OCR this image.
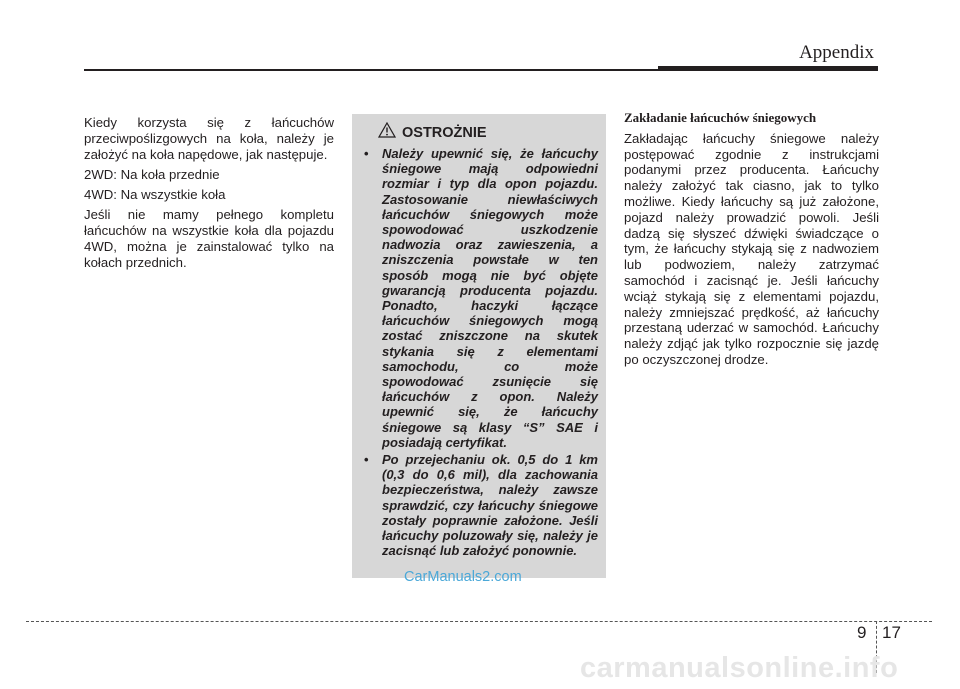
Appendix

Kiedy korzysta się z łańcuchów przeciwpoślizgowych na koła, należy je założyć na koła napędowe, jak następuje.

2WD: Na koła przednie

4WD: Na wszystkie koła

Jeśli nie mamy pełnego kompletu łańcuchów na wszystkie koła dla pojazdu 4WD, można je zainstalować tylko na kołach przednich.

OSTROŻNIE
• Należy upewnić się, że łańcuchy śniegowe mają odpowiedni rozmiar i typ dla opon pojazdu. Zastosowanie niewłaściwych łańcuchów śniegowych może spowodować uszkodzenie nadwozia oraz zawieszenia, a zniszczenia powstałe w ten sposób mogą nie być objęte gwarancją producenta pojazdu. Ponadto, haczyki łączące łańcuchów śniegowych mogą zostać zniszczone na skutek stykania się z elementami samochodu, co może spowodować zsunięcie się łańcuchów z opon. Należy upewnić się, że łańcuchy śniegowe są klasy “S” SAE i posiadają certyfikat.
• Po przejechaniu ok. 0,5 do 1 km (0,3 do 0,6 mil), dla zachowania bezpieczeństwa, należy zawsze sprawdzić, czy łańcuchy śniegowe zostały poprawnie założone. Jeśli łańcuchy poluzowały się, należy je zacisnąć lub założyć ponownie.

Zakładanie łańcuchów śniegowych

Zakładając łańcuchy śniegowe należy postępować zgodnie z instrukcjami podanymi przez producenta. Łańcuchy należy założyć tak ciasno, jak to tylko możliwe. Kiedy łańcuchy są już założone, pojazd należy prowadzić powoli. Jeśli dadzą się słyszeć dźwięki świadczące o tym, że łańcuchy stykają się z nadwoziem lub podwoziem, należy zatrzymać samochód i zacisnąć je. Jeśli łańcuchy wciąż stykają się z elementami pojazdu, należy zmniejszać prędkość, aż łańcuchy przestaną uderzać w samochód. Łańcuchy należy zdjąć jak tylko rozpocznie się jazdę po oczyszczonej drodze.

CarManuals2.com
9 17
carmanualsonline.info
